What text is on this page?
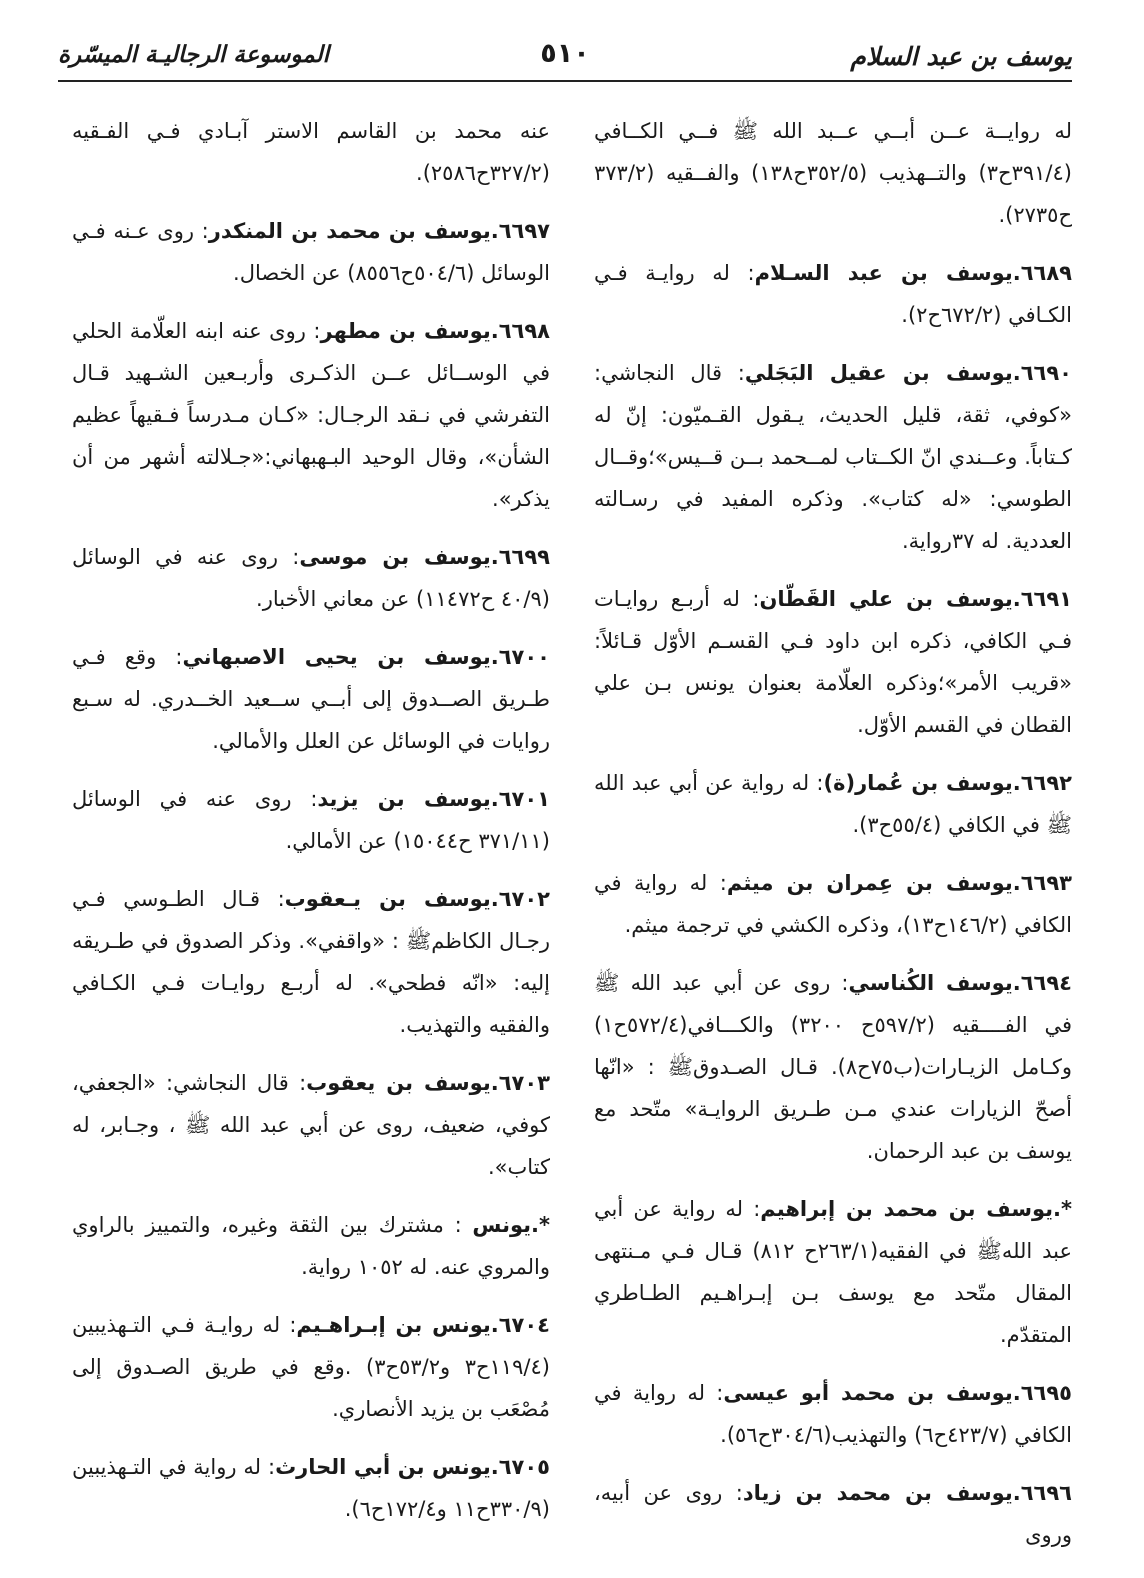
يوسف بن عبد السلام
٥١٠
الموسوعة الرجاليـة الميسّرة

له روايــة عــن أبــي عــبد الله ﷺ فــي الكــافي (٣٩١/٤ح٣) والتــهذيب (٣٥٢/٥ح١٣٨) والفــقيه (٣٧٣/٢ ح٢٧٣٥).

٦٦٨٩.يوسف بن عبد السـلام: له روايـة فـي الكـافي (٦٧٢/٢ح٢).

٦٦٩٠.يوسف بن عقيل البَجَلي: قال النجاشي: «كوفي، ثقة، قليل الحديث، يـقول القـميّون: إنّ له كـتاباً. وعــندي انّ الكــتاب لمــحمد بــن قــيس»؛وقــال الطوسي: «له كتاب». وذكره المفيد في رسـالته العددية. له ٣٧رواية.

٦٦٩١.يوسف بن علي القَطّان: له أربـع روايـات فـي الكافي، ذكره ابن داود فـي القسـم الأوّل قـائلاً: «قريب الأمر»؛وذكره العلّامة بعنوان يونس بـن علي القطان في القسم الأوّل.

٦٦٩٢.يوسف بن عُمار(ة): له رواية عن أبي عبد الله ﷺ في الكافي (٥٥/٤ح٣).

٦٦٩٣.يوسف بن عِمران بن ميثم: له رواية في الكافي (١٤٦/٢ح١٣)، وذكره الكشي في ترجمة ميثم.

٦٦٩٤.يوسف الكُناسي: روى عن أبي عبد الله ﷺ في الفــــقيه (٥٩٧/٢ح ٣٢٠٠) والكـــافي(٥٧٢/٤ح١) وكـامل الزيـارات(ب٧٥ح٨). قـال الصـدوقﷺ : «انّها أصحّ الزيارات عندي مـن طـريق الروايـة» متّحد مع يوسف بن عبد الرحمان.

*.يوسف بن محمد بن إبراهيم: له رواية عن أبي عبد اللهﷺ في الفقيه(٢٦٣/١ح ٨١٢) قـال فـي مـنتهى المقال متّحد مع يوسف بـن إبـراهـيم الطـاطري المتقدّم.

٦٦٩٥.يوسف بن محمد أبو عيسى: له رواية في الكافي (٤٢٣/٧ح٦) والتهذيب(٣٠٤/٦ح٥٦).

٦٦٩٦.يوسف بن محمد بن زياد: روى عن أبيه، وروى

عنه محمد بن القاسم الاستر آبـادي فـي الفـقيه (٣٢٧/٢ح٢٥٨٦).

٦٦٩٧.يوسف بن محمد بن المنكدر: روى عـنه فـي الوسائل (٥٠٤/٦ح٨٥٥٦) عن الخصال.

٦٦٩٨.يوسف بن مطهر: روى عنه ابنه العلّامة الحلي في الوســائل عــن الذكـرى وأربـعين الشـهيد قـال التفرشي في نـقد الرجـال: «كـان مـدرساً فـقيهاً عظيم الشأن»، وقال الوحيد البـهبهاني:«جـلالته أشهر من أن يذكر».

٦٦٩٩.يوسف بن موسى: روى عنه في الوسائل (٤٠/٩ ح١١٤٧٢) عن معاني الأخبار.

٦٧٠٠.يوسف بن يحيى الاصبهاني: وقع فـي طـريق الصــدوق إلى أبــي ســعيد الخــدري. له سـبع روايات في الوسائل عن العلل والأمالي.

٦٧٠١.يوسف بن يزيد: روى عنه في الوسائل (٣٧١/١١ ح١٥٠٤٤) عن الأمالي.

٦٧٠٢.يوسف بن يـعقوب: قـال الطـوسي فـي رجـال الكاظمﷺ : «واقفي». وذكر الصدوق في طـريقه إليه: «انّه فطحي». له أربـع روايـات فـي الكـافي والفقيه والتهذيب.

٦٧٠٣.يوسف بن يعقوب: قال النجاشي: «الجعفي، كوفي، ضعيف، روى عن أبي عبد الله ﷺ ، وجـابر، له كتاب».

*.يونس : مشترك بين الثقة وغيره، والتمييز بالراوي والمروي عنه. له ١٠٥٢ رواية.

٦٧٠٤.يونس بن إبـراهـيم: له روايـة فـي التـهذيبين (١١٩/٤ح٣ و٥٣/٢ح٣) .وقع في طريق الصـدوق إلى مُصْعَب بن يزيد الأنصاري.

٦٧٠٥.يونس بن أبي الحارث: له رواية في التـهذيبين (٣٣٠/٩ح١١ و١٧٢/٤ح٦).
